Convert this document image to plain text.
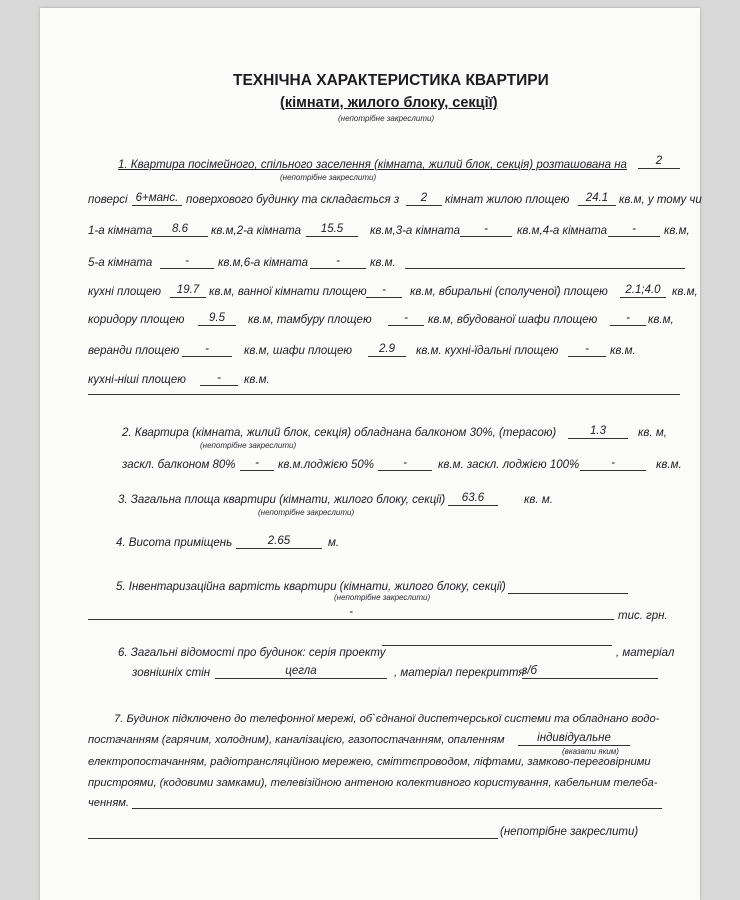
ТЕХНІЧНА ХАРАКТЕРИСТИКА КВАРТИРИ
(кімнати, жилого блоку, секції)
(непотрібне закреслити)
1. Квартира посімейного, спільного заселення (кімната, жилий блок, секція) розташована на	2
(непотрібне закреслити)
поверсі 6+манс. поверхового будинку та складається з	2	кімнат жилою площею	24.1 кв.м, у тому чи
1-а кімната	8.6	кв.м,2-а кімната	15.5	кв.м,3-а кімната	-	кв.м,4-а кімната	-	кв.м,
5-а кімната	-	кв.м,6-а кімната	-	кв.м.
кухні площею	19.7 кв.м, ванної кімнати площею	-	кв.м, вбиральні (сполученої) площею	2.1;4.0 кв.м,
коридору площею	9.5	кв.м, тамбуру площею	-	кв.м, вбудованої шафи площею	-	кв.м,
веранди площею	-	кв.м, шафи площею	2.9	кв.м. кухні-їдальні площею	-	кв.м.
кухні-ніші площею	-	кв.м.
2. Квартира (кімната, жилий блок, секція) обладнана балконом 30%, (терасою)	1.3	кв. м,
(непотрібне закреслити)
заскл. балконом 80%	-	кв.м.лоджією 50%	-	кв.м. заскл. лоджією 100%	-	кв.м.
3. Загальна площа квартири (кімнати, жилого блоку, секції)	63.6	кв. м.
(непотрібне закреслити)
4. Висота приміщень	2.65	м.
5. Інвентаризаційна вартість квартири (кімнати, жилого блоку, секції)
(непотрібне закреслити)
-	тис. грн.
6. Загальні відомості про будинок: серія проекту	, матеріал
зовнішніх стін	цегла	, матеріал перекриття
з/б
7. Будинок підключено до телефонної мережі, об`єднаної диспетчерської системи та обладнано водо-
постачанням (гарячим, холодним), каналізацією, газопостачанням, опаленням	індивідуальне
(вказати яким)
електропостачанням, радіотрансляційною мережею, сміттєпроводом, ліфтами, замково-переговірними
пристроями, (кодовими замками), телевізійною антеною колективного користування, кабельним телеба-
ченням.
(непотрібне закреслити)
